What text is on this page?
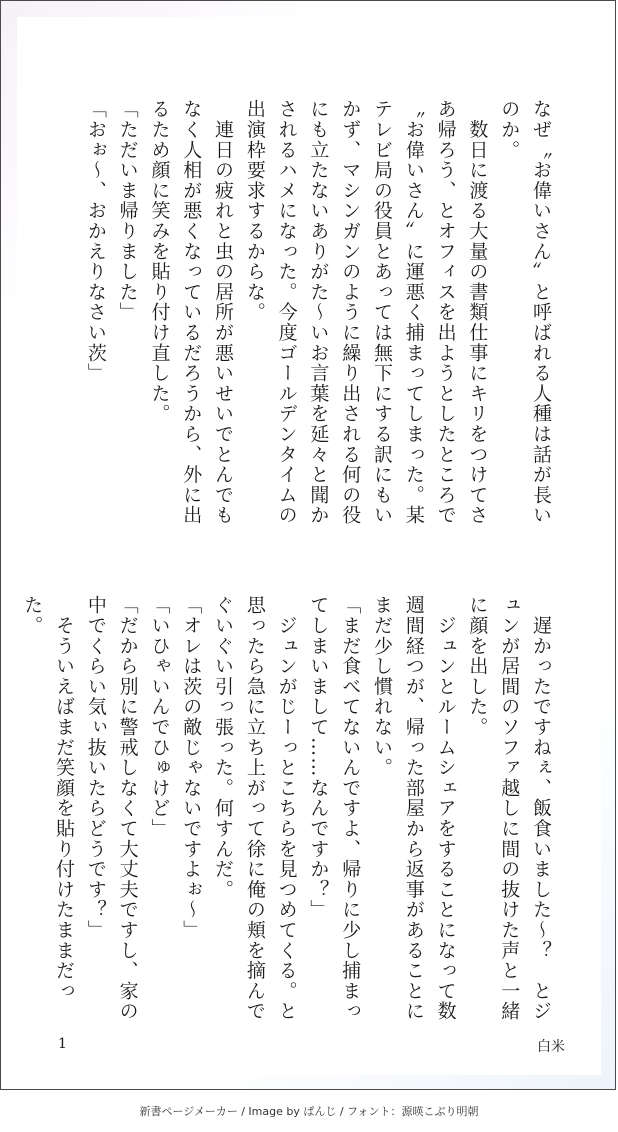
なぜ〝お偉いさん〟と呼ばれる人種は話が長いのか。

　数日に渡る大量の書類仕事にキリをつけてさあ帰ろう、とオフィスを出ようとしたところで〝お偉いさん〟に運悪く捕まってしまった。某テレビ局の役員とあっては無下にする訳にもいかず、マシンガンのように繰り出される何の役にも立たないありがた～いお言葉を延々と聞かされるハメになった。今度ゴールデンタイムの出演枠要求するからな。

　連日の疲れと虫の居所が悪いせいでとんでもなく人相が悪くなっているだろうから、外に出るため顔に笑みを貼り付け直した。

「ただいま帰りました」

「おぉ～、おかえりなさい茨」

　遅かったですねぇ、飯食いました～？　とジュンが居間のソファ越しに間の抜けた声と一緒に顔を出した。

　ジュンとルームシェアをすることになって数週間経つが、帰った部屋から返事があることにまだ少し慣れない。

「まだ食べてないんですよ、帰りに少し捕まってしまいまして……なんですか？」

　ジュンがじーっとこちらを見つめてくる。と思ったら急に立ち上がって徐に俺の頬を摘んでぐいぐい引っ張った。何すんだ。

「オレは茨の敵じゃないですよぉ～」

「いひゃいんでひゅけど」

「だから別に警戒しなくて大丈夫ですし、家の中でくらい気ぃ抜いたらどうです？」

　そういえばまだ笑顔を貼り付けたままだった。

1	白米
新書ページメーカー / Image by ぱんじ / フォント：源暎こぶり明朝
